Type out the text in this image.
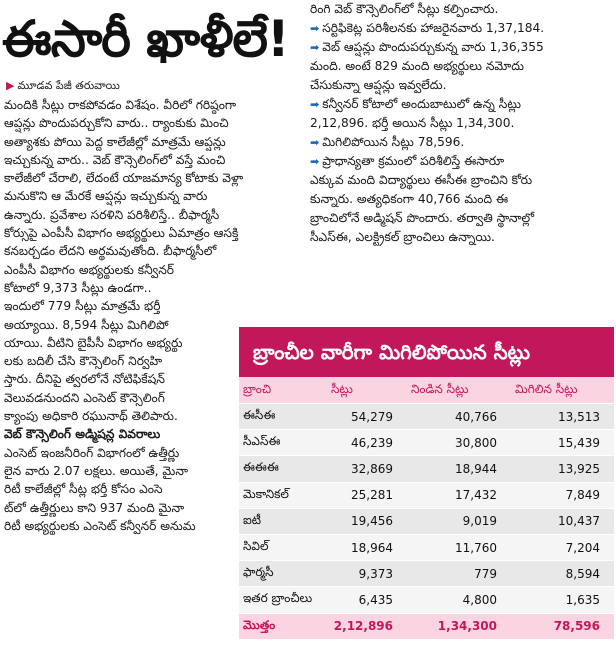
ఈసారీ ఖాళీలే!
▶ మూడవ పేజీ తరువాయి

మందికి సీట్లు రాకపోవడం విశేషం. వీరిలో గరిష్ఠంగా

ఆప్షన్లు పొందుపర్చుకోని వారు.. ర్యాంకుకు మించి

అత్యాశకు పోయి పెద్ద కాలేజీల్లో మాత్రమే ఆప్షన్లు

ఇచ్చుకున్న వారు.. వెబ్ కౌన్సెలింగ్‌లో వస్తే మంచి

కాలేజీలో చేరాలి, లేదంటే యాజమాన్య కోటాకు వెళ్లా

మనుకొని ఆ మేరకే ఆప్షన్లు ఇచ్చుకున్న వారు

ఉన్నారు. ప్రవేశాల సరళిని పరిశీలిస్తే.. బీఫార్మసీ

కోర్సుపై ఎంపీసీ విభాగం అభ్యర్థులు ఏమాత్రం ఆసక్తి

కనబర్చడం లేదని అర్థమవుతోంది. బీఫార్మసీలో

ఎంపీసీ విభాగం అభ్యర్థులకు కన్వీనర్

కోటాలో 9,373 సీట్లు ఉండగా..

ఇందులో 779 సీట్లు మాత్రమే భర్తీ

అయ్యాయి. 8,594 సీట్లు మిగిలిపో

యాయి. వీటిని బైపీసీ విభాగం అభ్యర్థు

లకు బదిలీ చేసి కౌన్సెలింగ్ నిర్వహి

స్తారు. దీనిపై త్వరలోనే నోటిఫికేషన్

వెలువడనుందని ఎంసెట్ కౌన్సెలింగ్

క్యాంపు అధికారి రఘునాథ్ తెలిపారు.

వెబ్ కౌన్సెలింగ్ అడ్మిషన్ల వివరాలు

ఎంసెట్ ఇంజనీరింగ్ విభాగంలో ఉత్తీర్ణు

లైన వారు 2.07 లక్షలు. అయితే, మైనా

రిటీ కాలేజీల్లో సీట్ల భర్తీ కోసం ఎంసె

ట్‌లో ఉత్తీర్ణులు కాని 937 మంది మైనా

రిటీ అభ్యర్థులకు ఎంసెట్ కన్వీనర్ అనుమ

రింగి వెబ్ కౌన్సెలింగ్‌లో సీట్లు కల్పించారు.
➡ సర్టిఫికెట్ల పరిశీలనకు హాజరైనవారు 1,37,184.
➡ వెబ్ ఆప్షన్లు పొందుపర్చుకున్న వారు 1,36,355
మంది. అంటే 829 మంది అభ్యర్థులు నమోదు
చేసుకున్నా ఆప్షన్లు ఇవ్వలేదు.
➡ కన్వీనర్ కోటాలో అందుబాటులో ఉన్న సీట్లు
2,12,896. భర్తీ అయిన సీట్లు 1,34,300.
➡ మిగిలిపోయిన సీట్లు 78,596.
➡ ప్రాధాన్యతా క్రమంలో పరిశీలిస్తే ఈసారూ
ఎక్కువ మంది విద్యార్థులు ఈసీఈ బ్రాంచిని కోరు
కున్నారు. అత్యధికంగా 40,766 మంది ఈ
బ్రాంచిలోనే అడ్మిషన్ పొందారు. తర్వాతి స్థానాల్లో
సీఎస్ఈ, ఎలక్ట్రికల్ బ్రాంచిలు ఉన్నాయి.
బ్రాంచీల వారీగా మిగిలిపోయిన సీట్లు
బ్రాంచి	సీట్లు	నిండిన సీట్లు	మిగిలిన సీట్లు
ఈసీఈ	54,279	40,766	13,513
సీఎస్ఈ	46,239	30,800	15,439
ఈఈఈ	32,869	18,944	13,925
మెకానికల్	25,281	17,432	7,849
ఐటీ	19,456	9,019	10,437
సివిల్	18,964	11,760	7,204
ఫార్మసీ	9,373	779	8,594
ఇతర బ్రాంచీలు	6,435	4,800	1,635
మొత్తం	2,12,896	1,34,300	78,596
